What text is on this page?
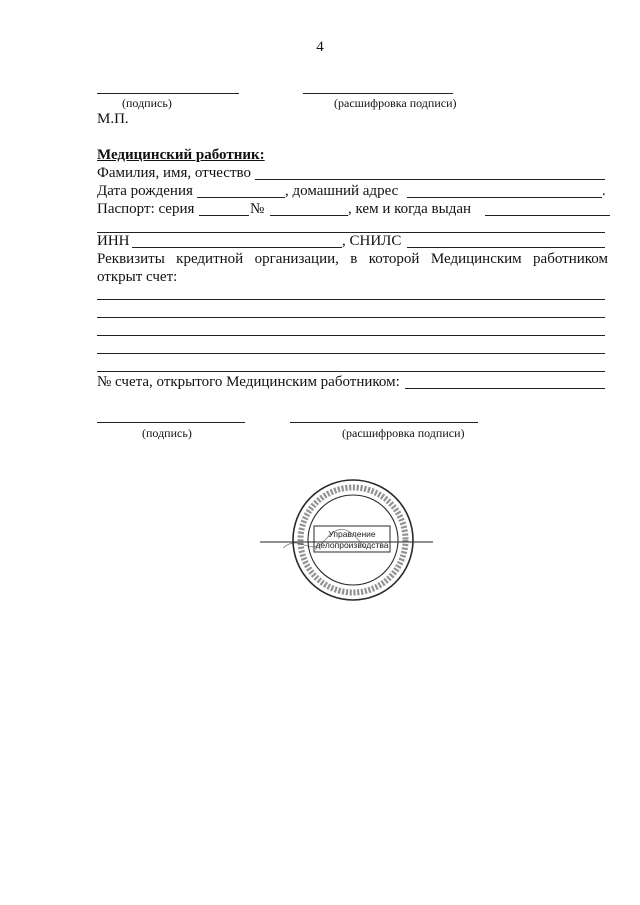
4
(подпись)	(расшифровка подписи)
М.П.
Медицинский работник:
Фамилия, имя, отчество
Дата рождения	, домашний адрес	.
Паспорт: серия	№	, кем и когда выдан
ИНН	, СНИЛС
Реквизиты кредитной организации, в которой Медицинским работником
открыт счет:
№ счета, открытого Медицинским работником:
(подпись)	(расшифровка подписи)
Управление
делопроизводства
